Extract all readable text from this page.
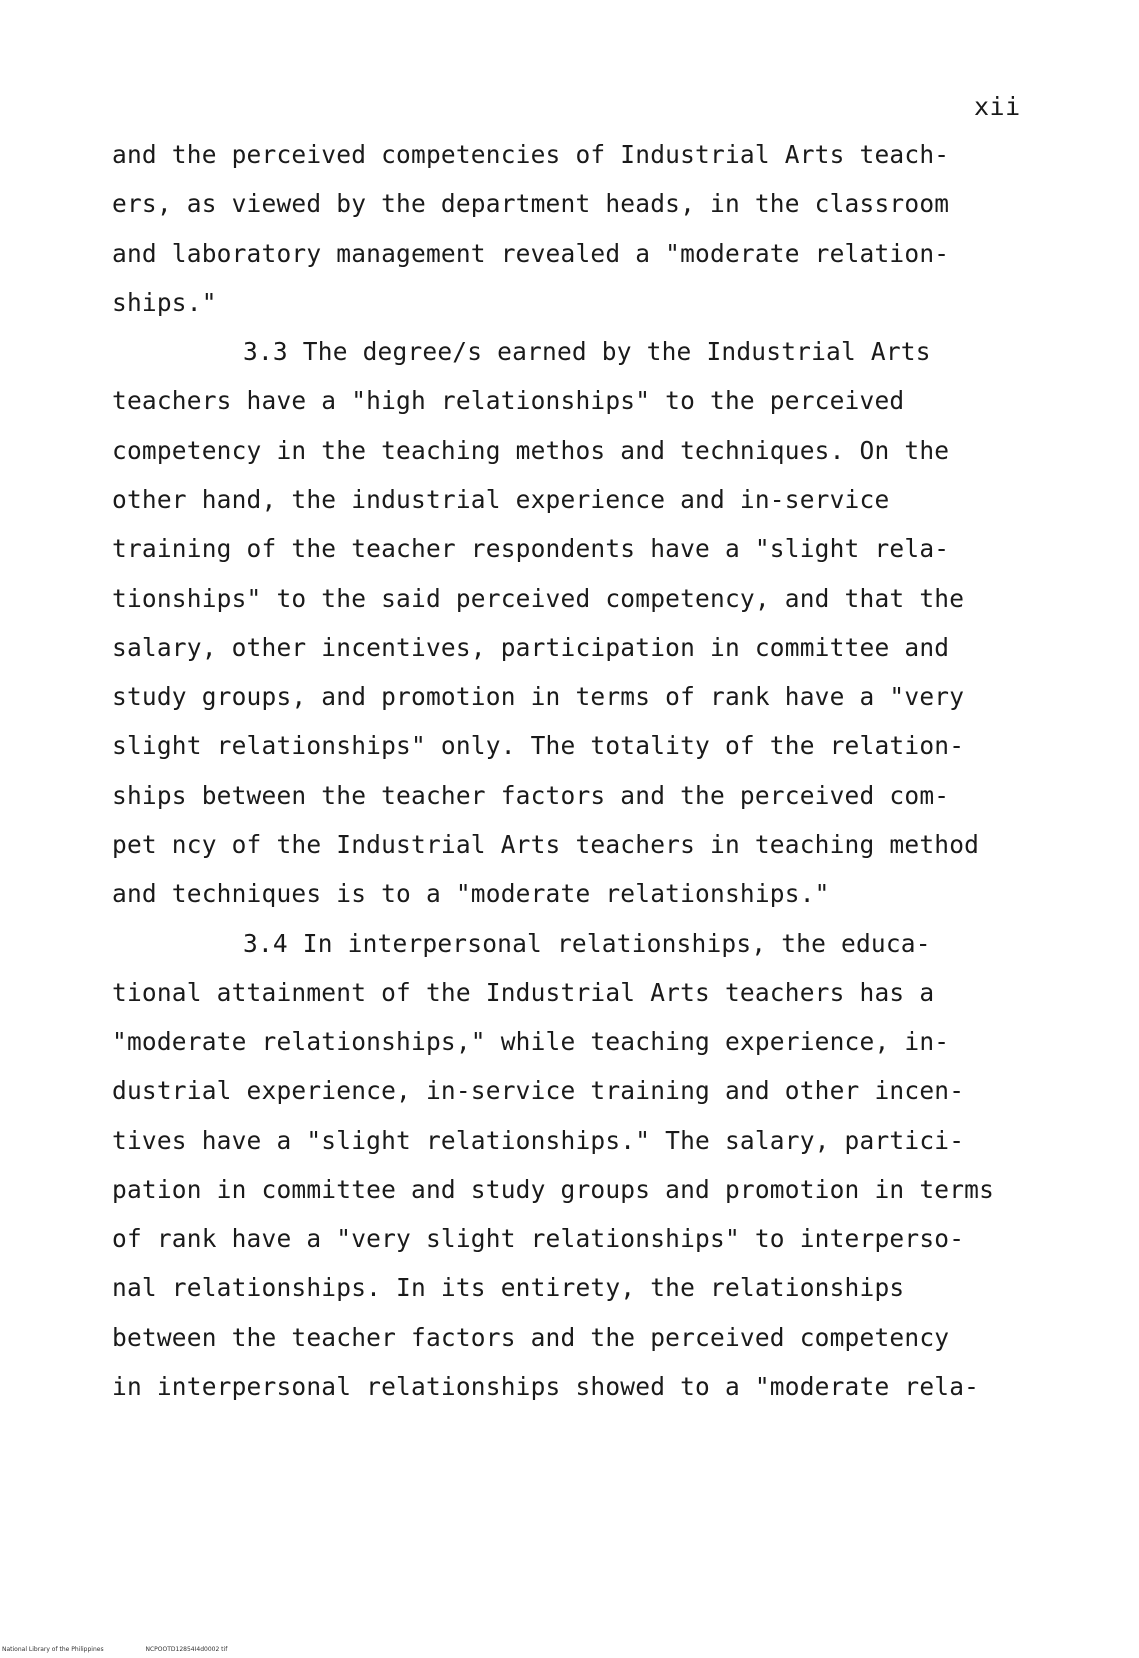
xii
and the perceived competencies of Industrial Arts teach-
ers, as viewed by the department heads, in the classroom
and laboratory management revealed a "moderate relation-
ships."
3.3 The degree/s earned by the Industrial Arts
teachers have a "high relationships" to the perceived
competency in the teaching methos and techniques. On the
other hand, the industrial experience and in-service
training of the teacher respondents have a "slight rela-
tionships" to the said perceived competency, and that the
salary, other incentives, participation in committee and
study groups, and promotion in terms of rank have a "very
slight relationships" only. The totality of the relation-
ships between the teacher factors and the perceived com-
pet ncy of the Industrial Arts teachers in teaching method
and techniques is to a "moderate relationships."
3.4 In interpersonal relationships, the educa-
tional attainment of the Industrial Arts teachers has a
"moderate relationships," while teaching experience, in-
dustrial experience, in-service training and other incen-
tives have a "slight relationships." The salary, partici-
pation in committee and study groups and promotion in terms
of rank have a "very slight relationships" to interperso-
nal relationships. In its entirety, the relationships
between the teacher factors and the perceived competency
in interpersonal relationships showed to a "moderate rela-
National Library of the Philippines	NCPOOTD12854I4d0002 tif
